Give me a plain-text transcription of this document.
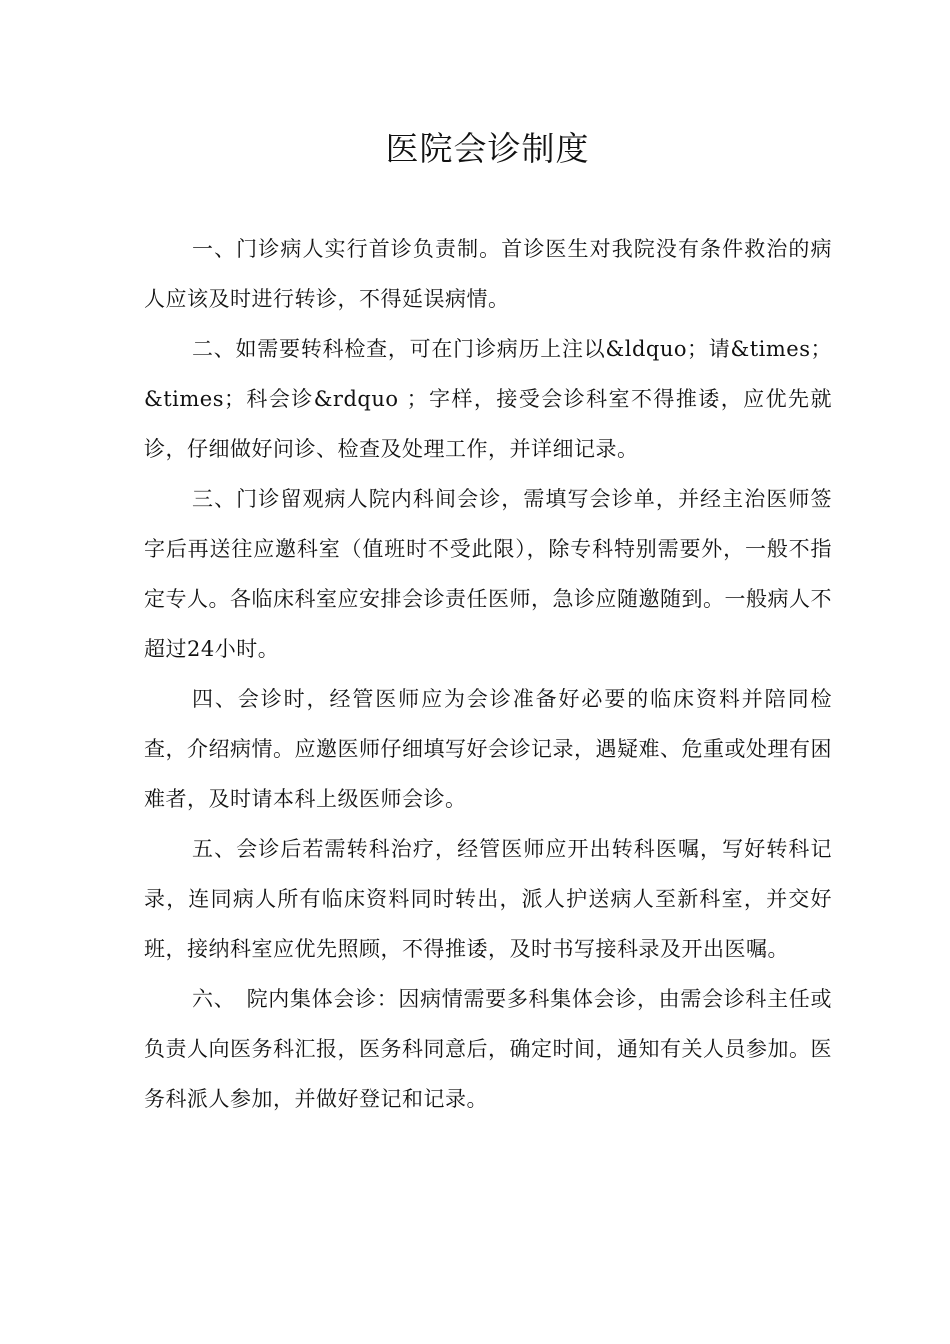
医院会诊制度

一、门诊病人实行首诊负责制。首诊医生对我院没有条件救治的病人应该及时进行转诊，不得延误病情。

二、如需要转科检查，可在门诊病历上注以&ldquo；请&times；&times；科会诊&rdquo ；字样，接受会诊科室不得推诿，应优先就诊，仔细做好问诊、检查及处理工作，并详细记录。

三、门诊留观病人院内科间会诊，需填写会诊单，并经主治医师签字后再送往应邀科室（值班时不受此限），除专科特别需要外，一般不指定专人。各临床科室应安排会诊责任医师，急诊应随邀随到。一般病人不超过24小时。

四、会诊时，经管医师应为会诊准备好必要的临床资料并陪同检查，介绍病情。应邀医师仔细填写好会诊记录，遇疑难、危重或处理有困难者，及时请本科上级医师会诊。

五、会诊后若需转科治疗，经管医师应开出转科医嘱，写好转科记录，连同病人所有临床资料同时转出，派人护送病人至新科室，并交好班，接纳科室应优先照顾，不得推诿，及时书写接科录及开出医嘱。

六、　院内集体会诊：因病情需要多科集体会诊，由需会诊科主任或负责人向医务科汇报，医务科同意后，确定时间，通知有关人员参加。医务科派人参加，并做好登记和记录。
